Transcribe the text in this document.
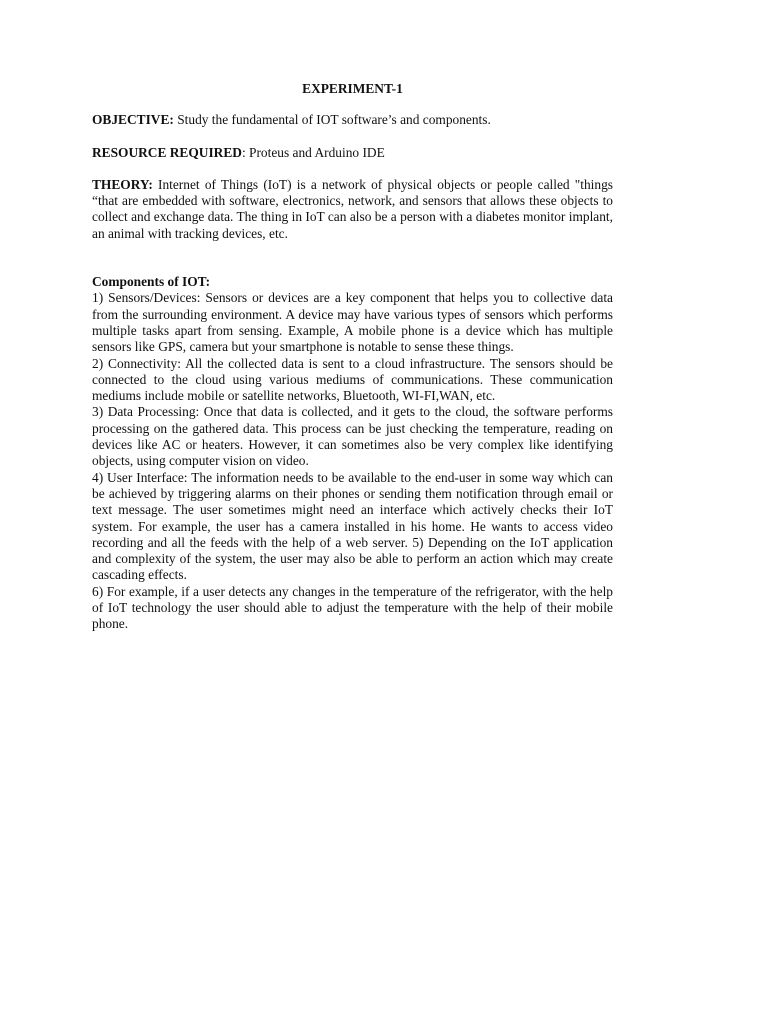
EXPERIMENT-1
OBJECTIVE: Study the fundamental of IOT software’s and components.
RESOURCE REQUIRED: Proteus and Arduino IDE
THEORY: Internet of Things (IoT) is a network of physical objects or people called "things “that are embedded with software, electronics, network, and sensors that allows these objects to collect and exchange data. The thing in IoT can also be a person with a diabetes monitor implant, an animal with tracking devices, etc.
Components of IOT:
1) Sensors/Devices: Sensors or devices are a key component that helps you to collective data from the surrounding environment. A device may have various types of sensors which performs multiple tasks apart from sensing. Example, A mobile phone is a device which has multiple sensors like GPS, camera but your smartphone is notable to sense these things.
2) Connectivity: All the collected data is sent to a cloud infrastructure. The sensors should be connected to the cloud using various mediums of communications. These communication mediums include mobile or satellite networks, Bluetooth, WI-FI,WAN, etc.
3) Data Processing: Once that data is collected, and it gets to the cloud, the software performs processing on the gathered data. This process can be just checking the temperature, reading on devices like AC or heaters. However, it can sometimes also be very complex like identifying objects, using computer vision on video.
4) User Interface: The information needs to be available to the end-user in some way which can be achieved by triggering alarms on their phones or sending them notification through email or text message. The user sometimes might need an interface which actively checks their IoT system. For example, the user has a camera installed in his home. He wants to access video recording and all the feeds with the help of a web server. 5) Depending on the IoT application and complexity of the system, the user may also be able to perform an action which may create cascading effects.
6) For example, if a user detects any changes in the temperature of the refrigerator, with the help of IoT technology the user should able to adjust the temperature with the help of their mobile phone.
